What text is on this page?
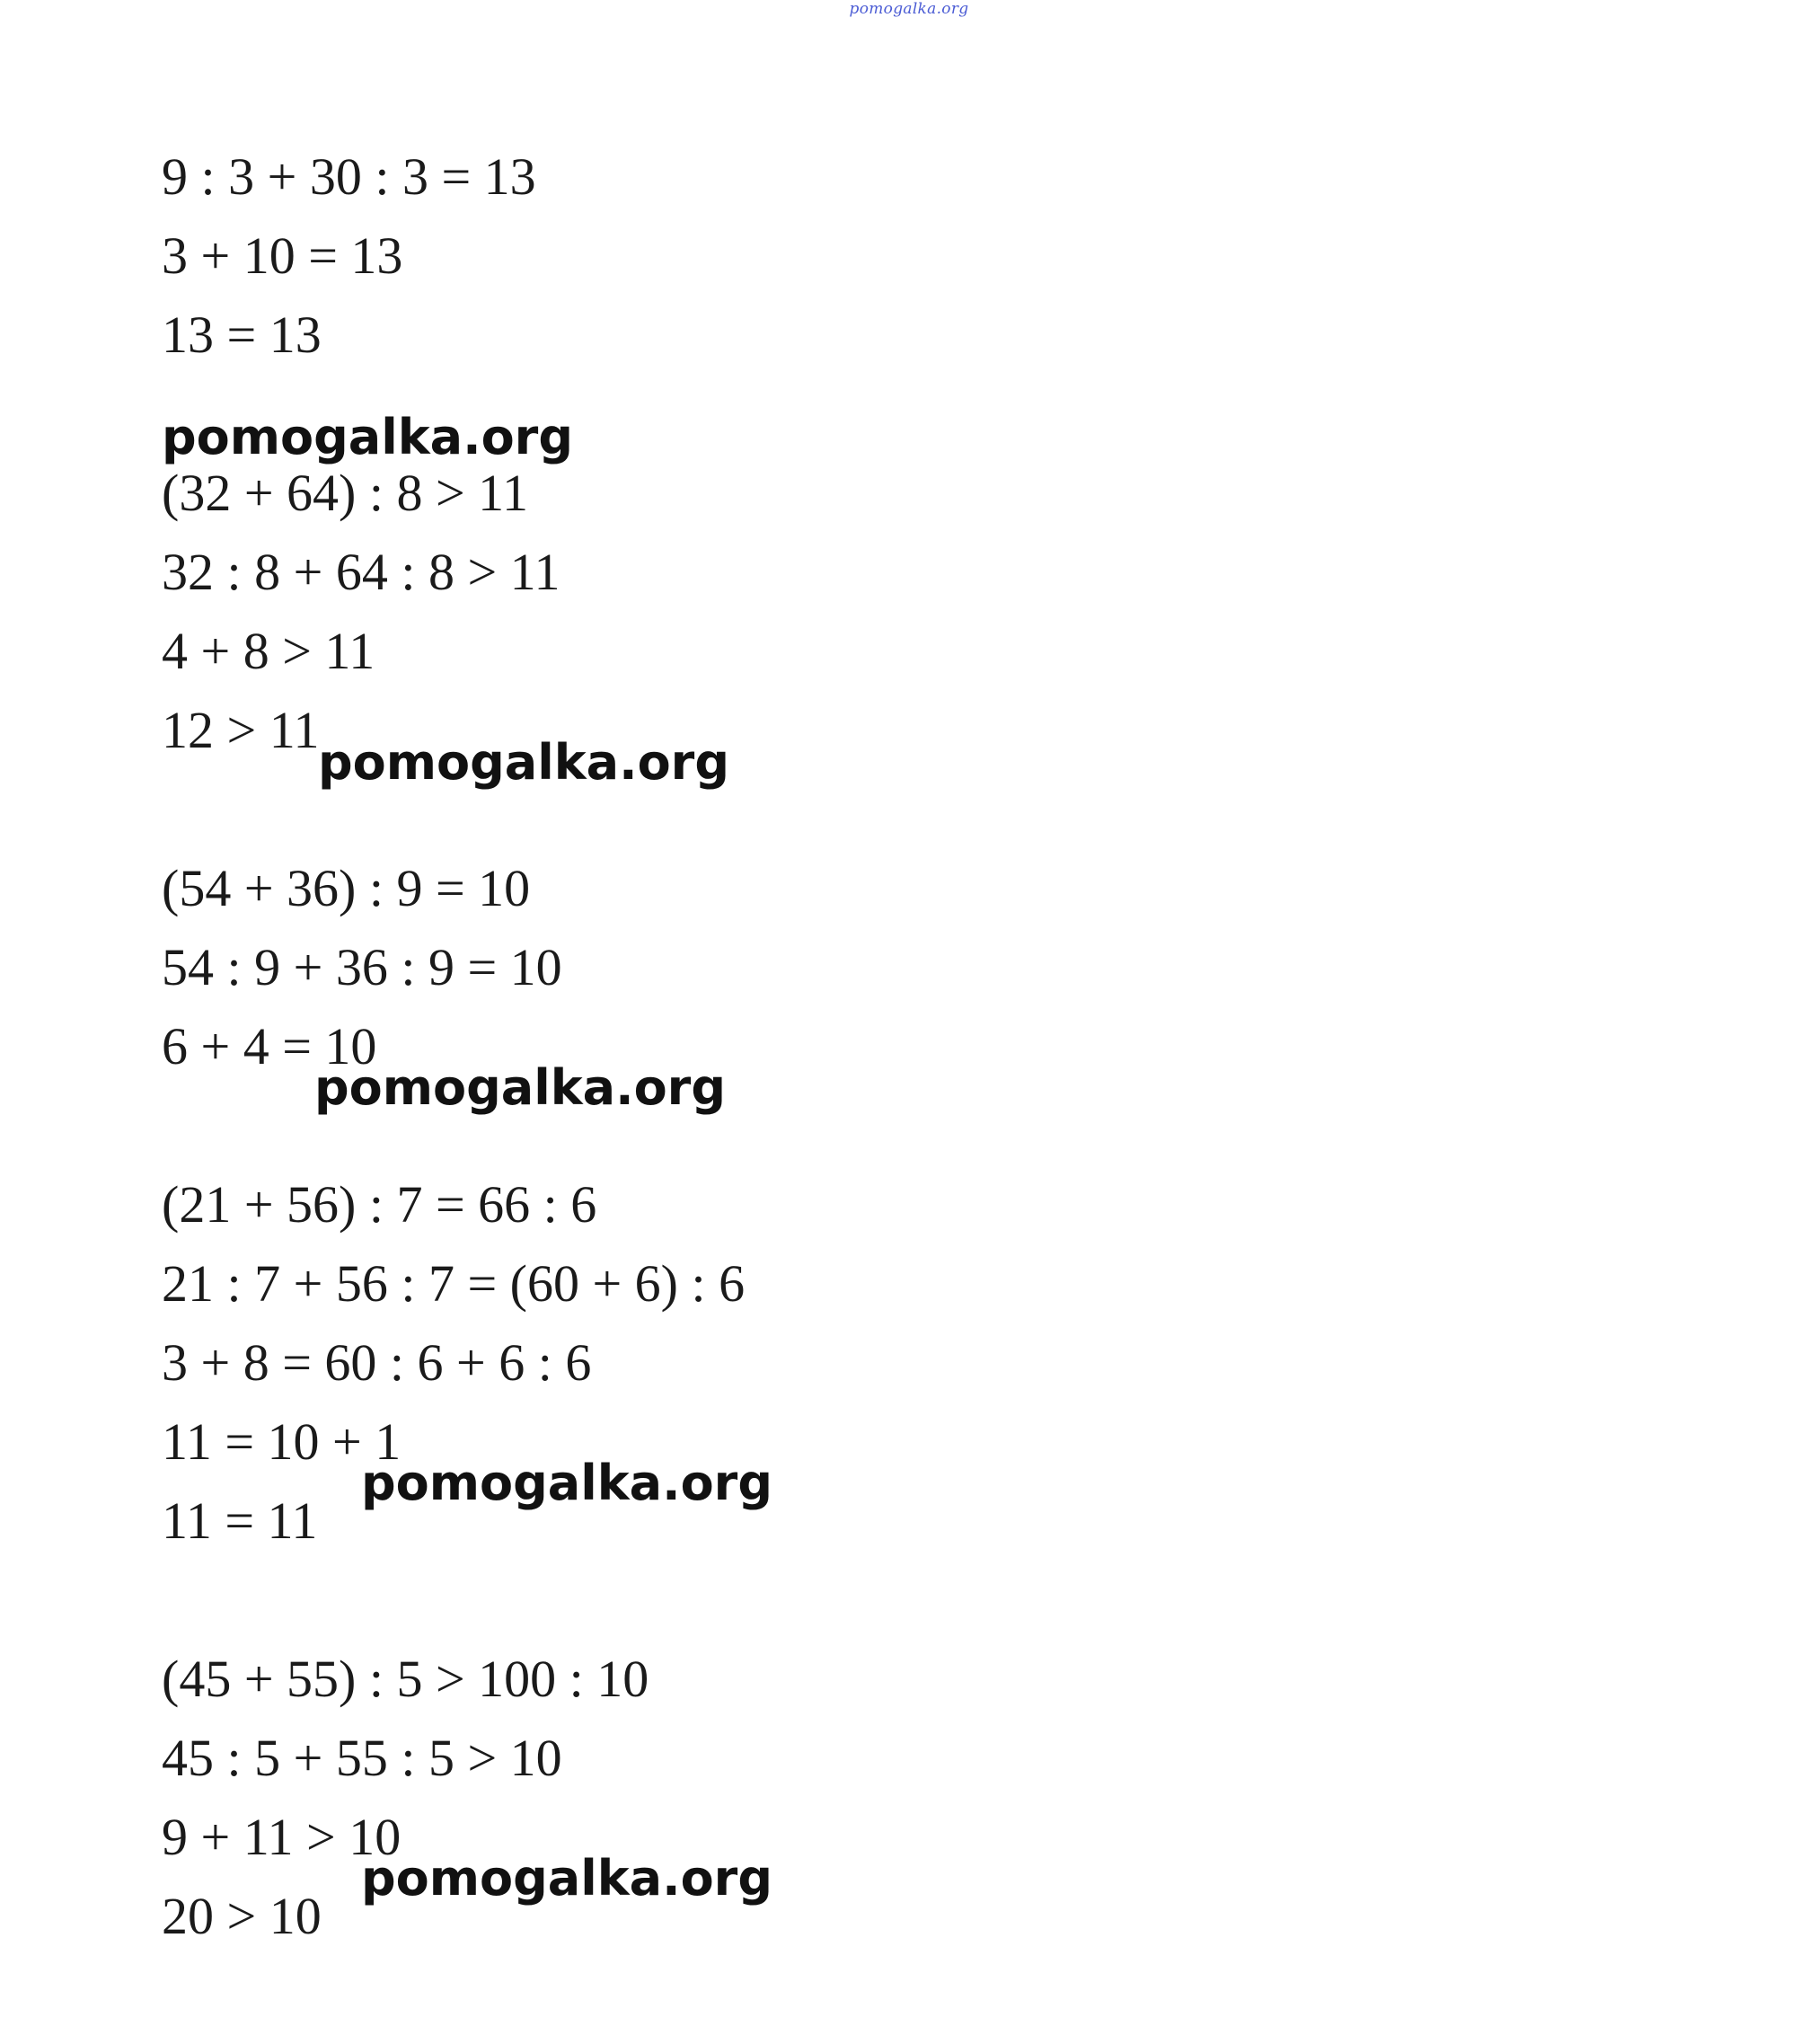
pomogalka.org
9 : 3 + 30 : 3 = 13
3 + 10 = 13
13 = 13
pomogalka.org
(32 + 64) : 8 > 11
32 : 8 + 64 : 8 > 11
4 + 8 > 11
12 > 11
pomogalka.org
(54 + 36) : 9 = 10
54 : 9 + 36 : 9 = 10
6 + 4 = 10
pomogalka.org
(21 + 56) : 7 = 66 : 6
21 : 7 + 56 : 7 = (60 + 6) : 6
3 + 8 = 60 : 6 + 6 : 6
11 = 10 + 1
11 = 11
pomogalka.org
(45 + 55) : 5 > 100 : 10
45 : 5 + 55 : 5 > 10
9 + 11 > 10
20 > 10
pomogalka.org
